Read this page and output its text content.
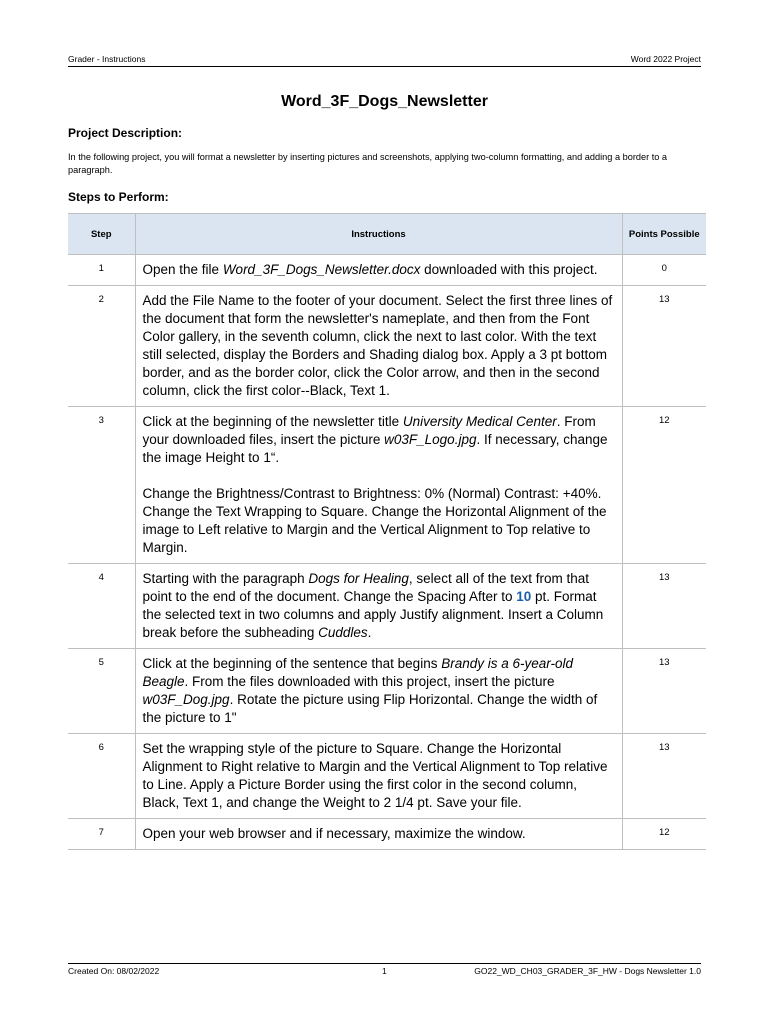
Grader - Instructions	Word 2022 Project
Word_3F_Dogs_Newsletter
Project Description:
In the following project, you will format a newsletter by inserting pictures and screenshots, applying two-column formatting, and adding a border to a paragraph.
Steps to Perform:
Step	Instructions	Points Possible
1	Open the file Word_3F_Dogs_Newsletter.docx downloaded with this project.	0
2	Add the File Name to the footer of your document. Select the first three lines of the document that form the newsletter's nameplate, and then from the Font Color gallery, in the seventh column, click the next to last color. With the text still selected, display the Borders and Shading dialog box. Apply a 3 pt bottom border, and as the border color, click the Color arrow, and then in the second column, click the first color--Black, Text 1.	13
3	Click at the beginning of the newsletter title University Medical Center. From your downloaded files, insert the picture w03F_Logo.jpg. If necessary, change the image Height to 1“.
Change the Brightness/Contrast to Brightness: 0% (Normal) Contrast: +40%. Change the Text Wrapping to Square. Change the Horizontal Alignment of the image to Left relative to Margin and the Vertical Alignment to Top relative to Margin.	12
4	Starting with the paragraph Dogs for Healing, select all of the text from that point to the end of the document. Change the Spacing After to 10 pt. Format the selected text in two columns and apply Justify alignment. Insert a Column break before the subheading Cuddles.	13
5	Click at the beginning of the sentence that begins Brandy is a 6-year-old Beagle. From the files downloaded with this project, insert the picture w03F_Dog.jpg. Rotate the picture using Flip Horizontal. Change the width of the picture to 1"	13
6	Set the wrapping style of the picture to Square. Change the Horizontal Alignment to Right relative to Margin and the Vertical Alignment to Top relative to Line. Apply a Picture Border using the first color in the second column, Black, Text 1, and change the Weight to 2 1/4 pt. Save your file.	13
7	Open your web browser and if necessary, maximize the window.	12
Created On: 08/02/2022	1	GO22_WD_CH03_GRADER_3F_HW - Dogs Newsletter 1.0
